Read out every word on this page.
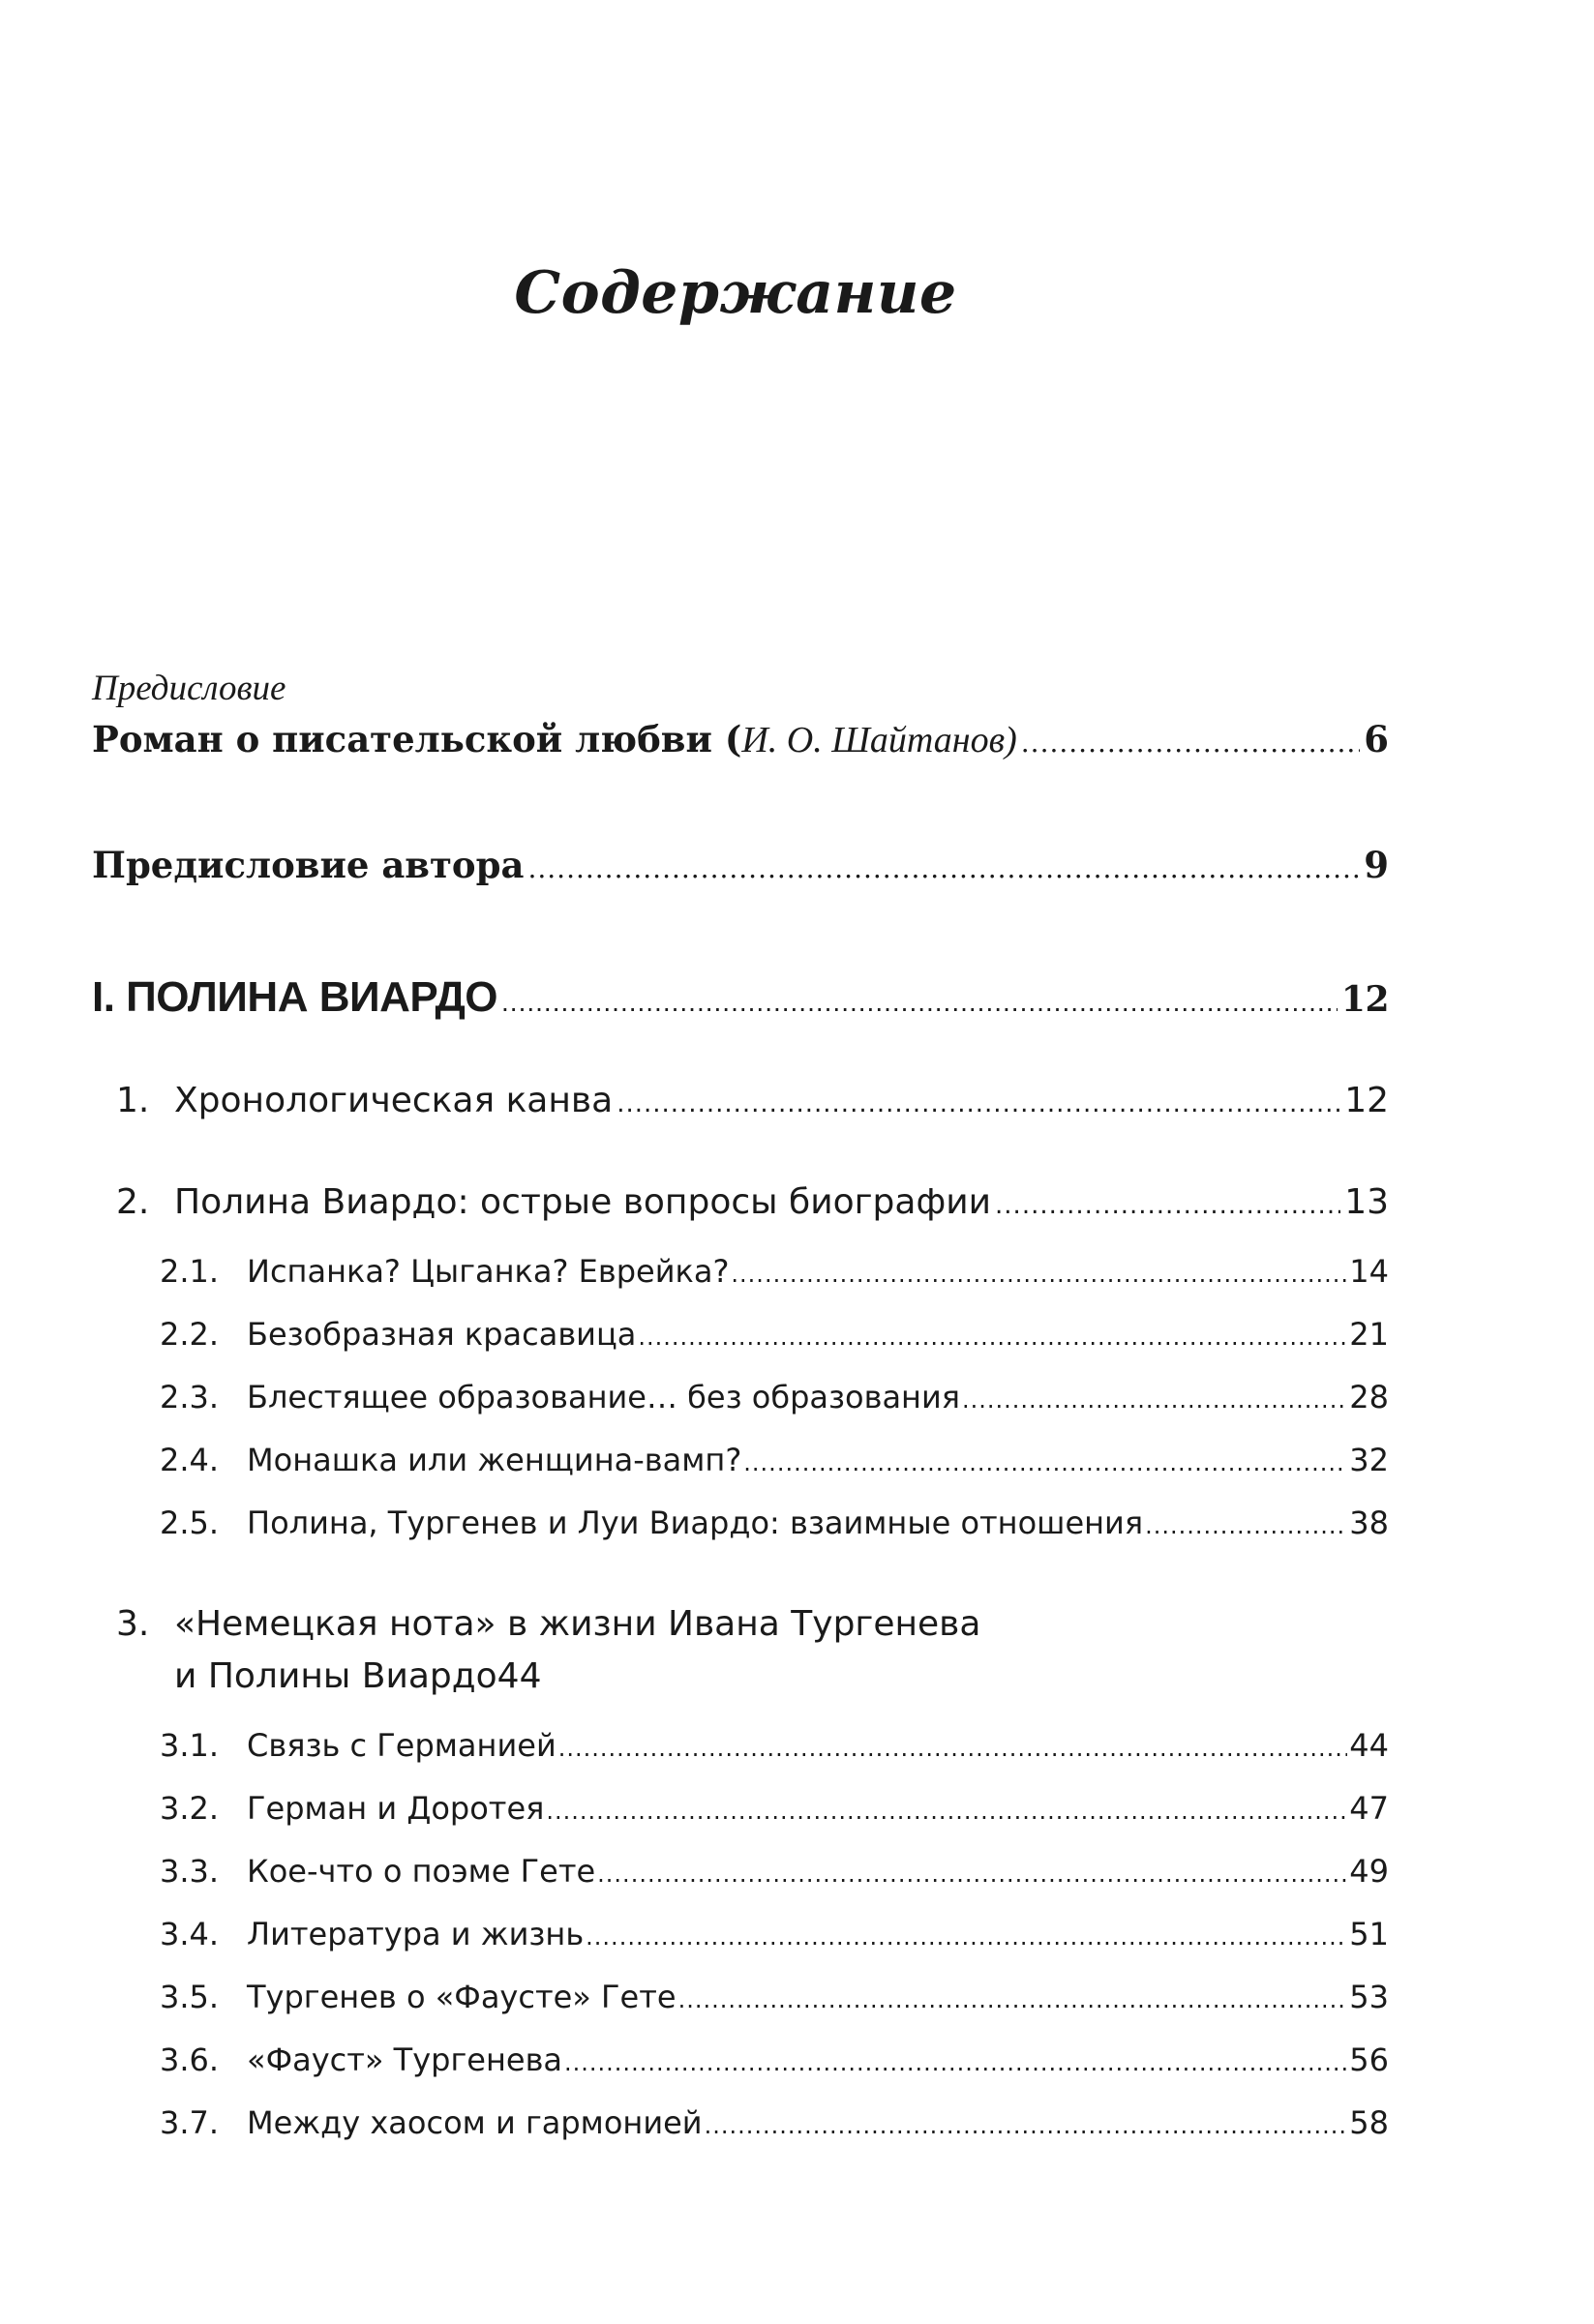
Содержание
Предисловие
Роман о писательской любви (И. О. Шайтанов) .....	6
Предисловие автора .....	9
I. ПОЛИНА ВИАРДО .....	12
1. Хронологическая канва .....	12
2. Полина Виардо: острые вопросы биографии .....	13
2.1. Испанка? Цыганка? Еврейка? .....	14
2.2. Безобразная красавица .....	21
2.3. Блестящее образование… без образования .....	28
2.4. Монашка или женщина-вамп? .....	32
2.5. Полина, Тургенев и Луи Виардо: взаимные отношения .....	38
3. «Немецкая нота» в жизни Ивана Тургенева
и Полины Виардо 44
3.1. Связь с Германией .....	44
3.2. Герман и Доротея .....	47
3.3. Кое-что о поэме Гете .....	49
3.4. Литература и жизнь .....	51
3.5. Тургенев о «Фаусте» Гете .....	53
3.6. «Фауст» Тургенева .....	56
3.7. Между хаосом и гармонией .....	58
